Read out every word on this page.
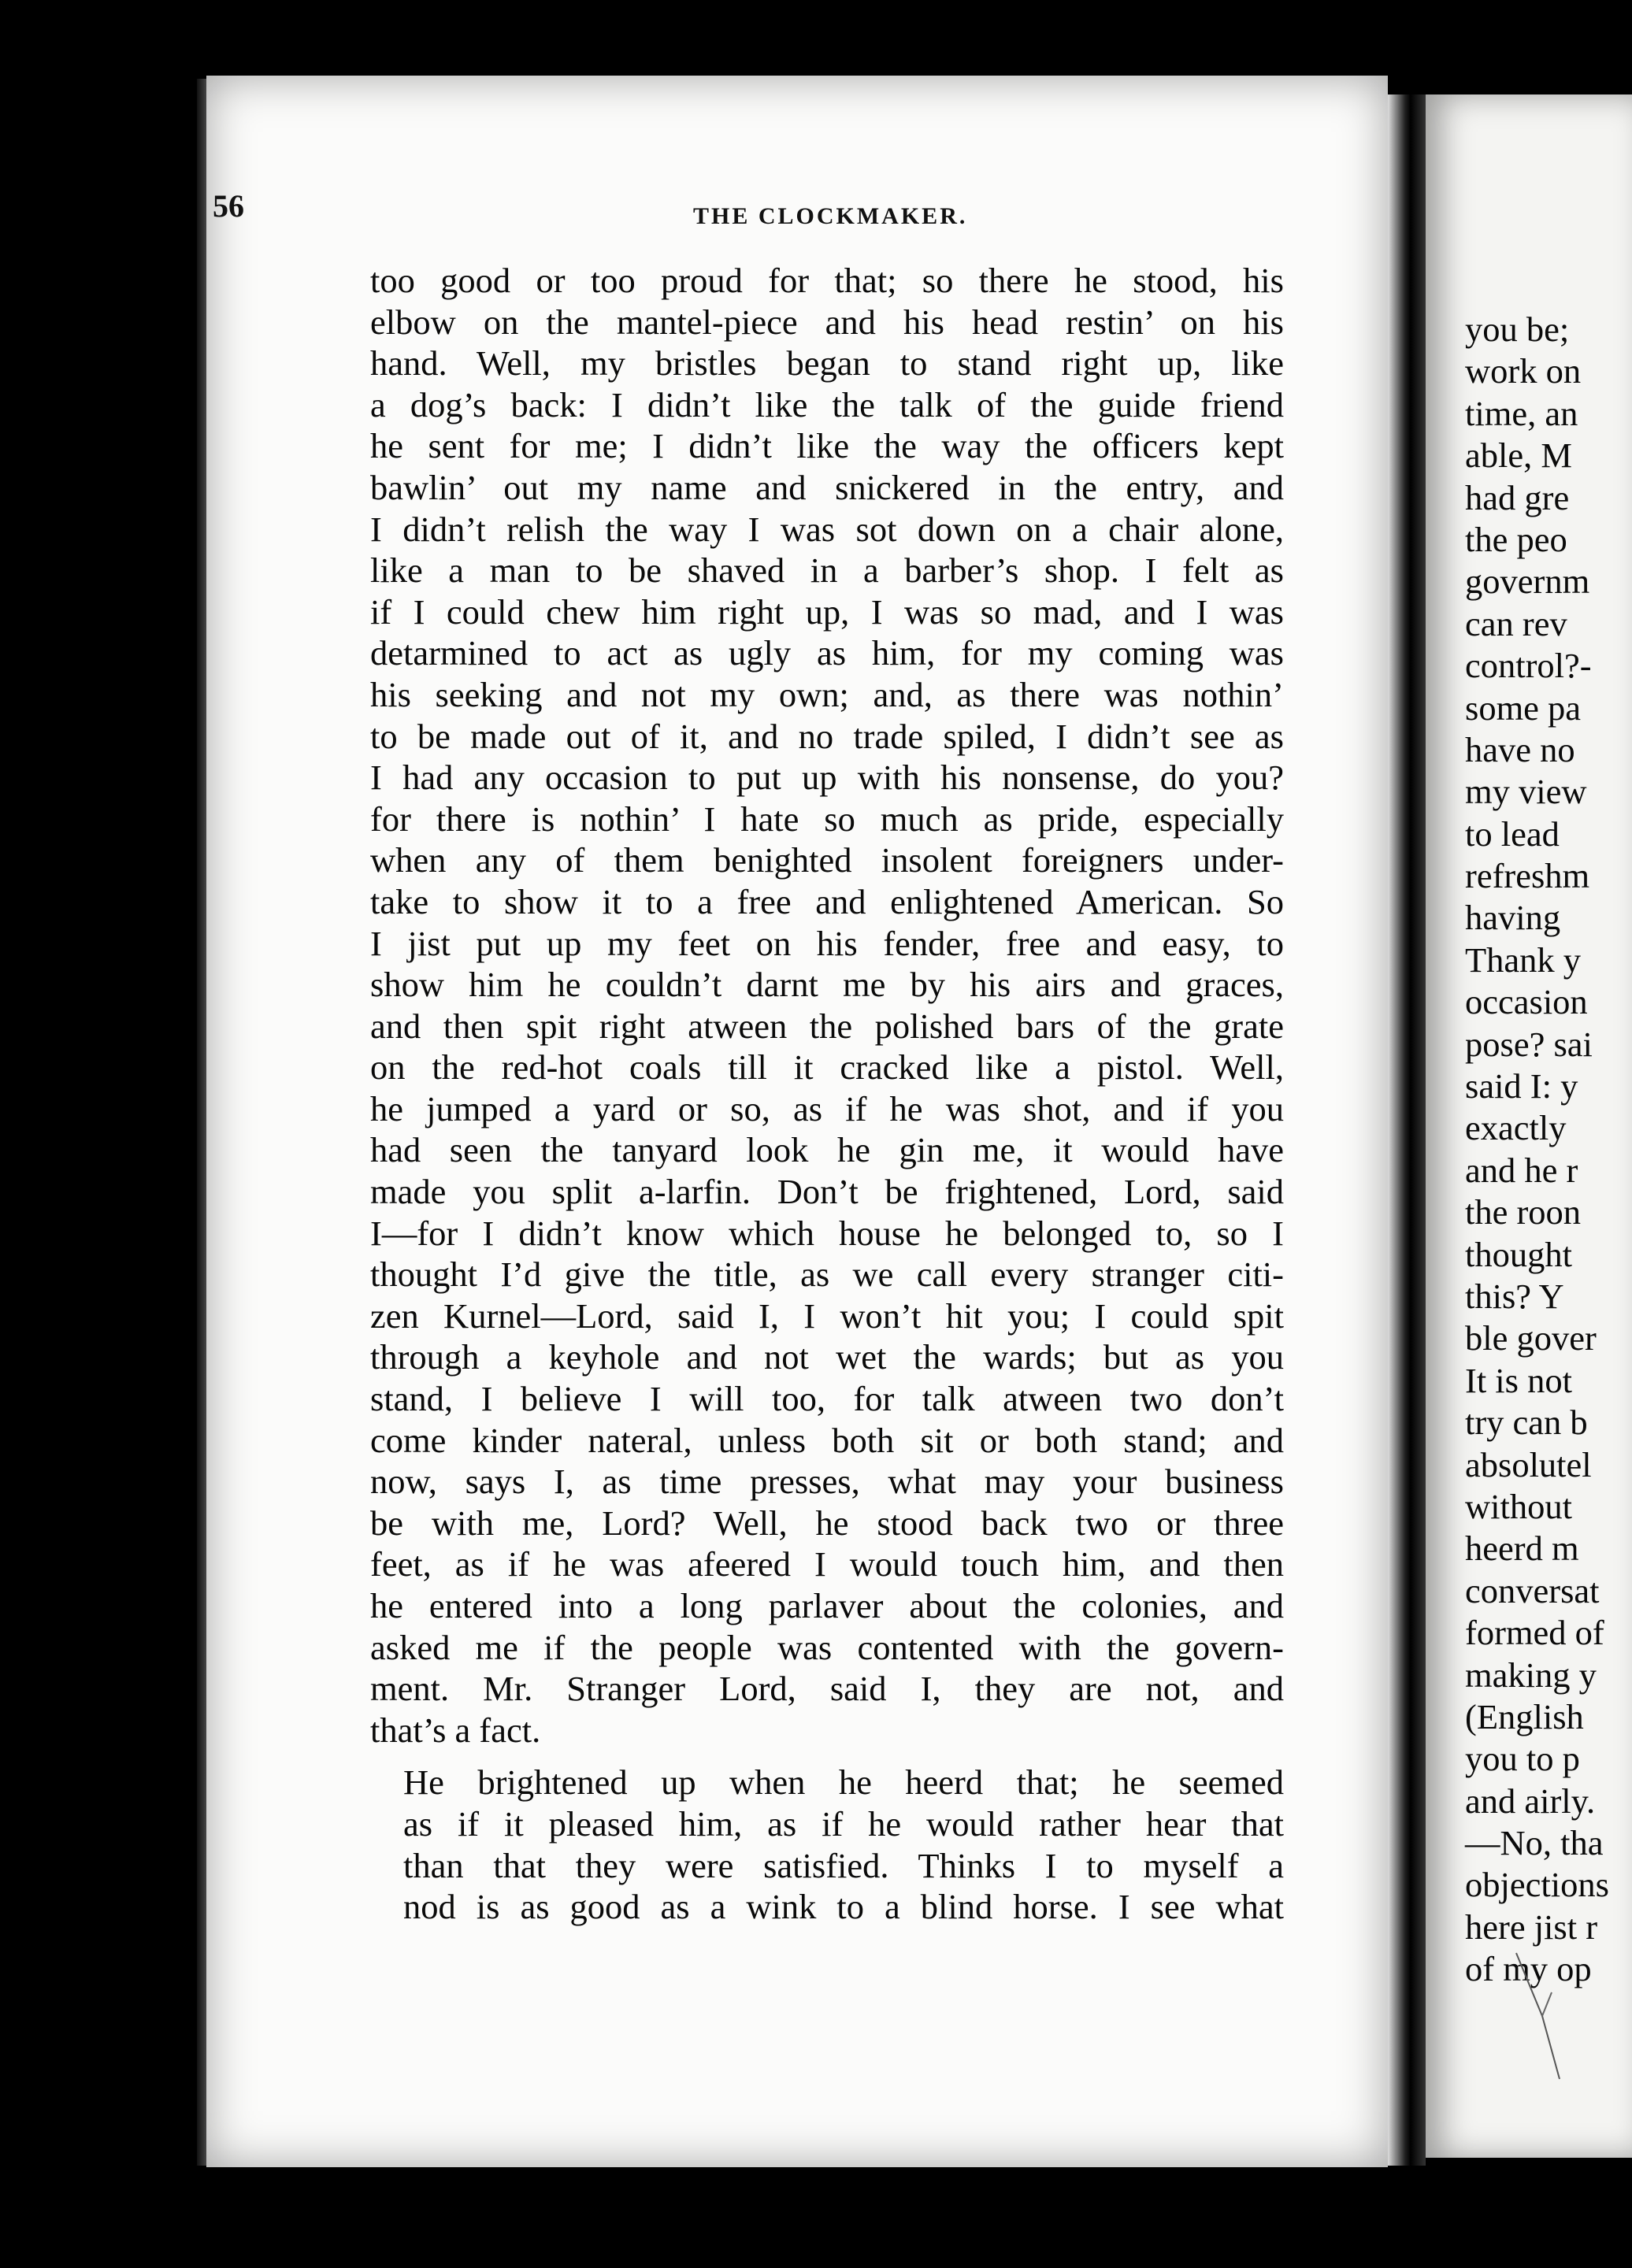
56	THE CLOCKMAKER.
too good or too proud for that; so there he stood, his
elbow on the mantel-piece and his head restin’ on his
hand. Well, my bristles began to stand right up, like
a dog’s back: I didn’t like the talk of the guide friend
he sent for me; I didn’t like the way the officers kept
bawlin’ out my name and snickered in the entry, and
I didn’t relish the way I was sot down on a chair alone,
like a man to be shaved in a barber’s shop. I felt as
if I could chew him right up, I was so mad, and I was
detarmined to act as ugly as him, for my coming was
his seeking and not my own; and, as there was nothin’
to be made out of it, and no trade spiled, I didn’t see as
I had any occasion to put up with his nonsense, do you?
for there is nothin’ I hate so much as pride, especially
when any of them benighted insolent foreigners under-
take to show it to a free and enlightened American. So
I jist put up my feet on his fender, free and easy, to
show him he couldn’t darnt me by his airs and graces,
and then spit right atween the polished bars of the grate
on the red-hot coals till it cracked like a pistol. Well,
he jumped a yard or so, as if he was shot, and if you
had seen the tanyard look he gin me, it would have
made you split a-larfin. Don’t be frightened, Lord, said
I—for I didn’t know which house he belonged to, so I
thought I’d give the title, as we call every stranger citi-
zen Kurnel—Lord, said I, I won’t hit you; I could spit
through a keyhole and not wet the wards; but as you
stand, I believe I will too, for talk atween two don’t
come kinder nateral, unless both sit or both stand; and
now, says I, as time presses, what may your business
be with me, Lord? Well, he stood back two or three
feet, as if he was afeered I would touch him, and then
he entered into a long parlaver about the colonies, and
asked me if the people was contented with the govern-
ment. Mr. Stranger Lord, said I, they are not, and
that’s a fact.
He brightened up when he heerd that; he seemed
as if it pleased him, as if he would rather hear that
than that they were satisfied. Thinks I to myself a
nod is as good as a wink to a blind horse. I see what
you be;
work on
time, an
able, M
had gre
the peo
governm
can rev
control?-
some pa
have no
my view
to lead
refreshm
having
Thank y
occasion
pose? sai
said I: y
exactly
and he r
the roon
thought
this? Y
ble gover
It is not
try can b
absolutel
without
heerd m
conversat
formed of
making y
(English
you to p
and airly.
—No, tha
objections
here jist r
of my op
